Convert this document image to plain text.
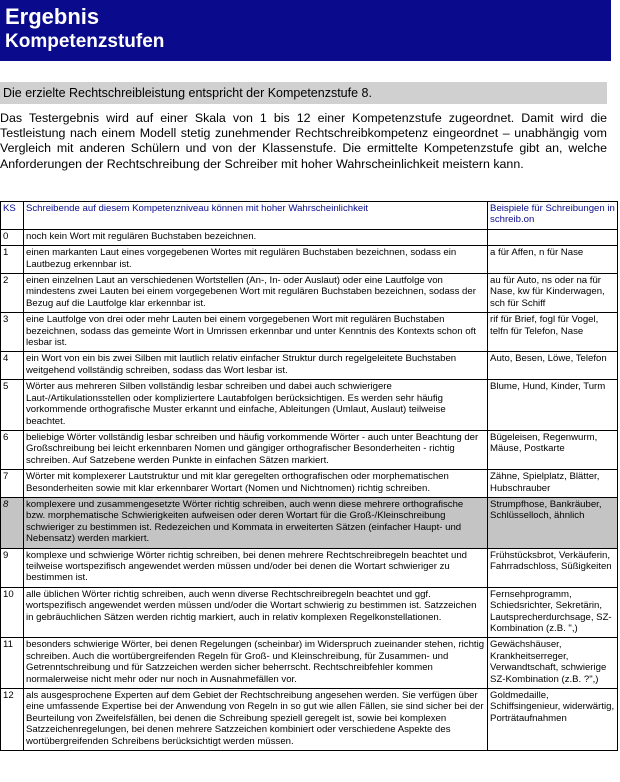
Ergebnis
Kompetenzstufen
Die erzielte Rechtschreibleistung entspricht der Kompetenzstufe 8.

Das Testergebnis wird auf einer Skala von 1 bis 12 einer Kompetenzstufe zugeordnet. Damit wird die Testleistung nach einem Modell stetig zunehmender Rechtschreibkompetenz eingeordnet – unabhängig vom Vergleich mit anderen Schülern und von der Klassenstufe. Die ermittelte Kompetenzstufe gibt an, welche Anforderungen der Rechtschreibung der Schreiber mit hoher Wahrscheinlichkeit meistern kann.

KS	Schreibende auf diesem Kompetenzniveau können mit hoher Wahrscheinlichkeit	Beispiele für Schreibungen in schreib.on
0	noch kein Wort mit regulären Buchstaben bezeichnen.	
1	einen markanten Laut eines vorgegebenen Wortes mit regulären Buchstaben bezeichnen, sodass ein Lautbezug erkennbar ist.	a für Affen, n für Nase
2	einen einzelnen Laut an verschiedenen Wortstellen (An-, In- oder Auslaut) oder eine Lautfolge von mindestens zwei Lauten bei einem vorgegebenen Wort mit regulären Buchstaben bezeichnen, sodass der Bezug auf die Lautfolge klar erkennbar ist.	au für Auto, ns oder na für Nase, kw für Kinderwagen, sch für Schiff
3	eine Lautfolge von drei oder mehr Lauten bei einem vorgegebenen Wort mit regulären Buchstaben bezeichnen, sodass das gemeinte Wort in Umrissen erkennbar und unter Kenntnis des Kontexts schon oft lesbar ist.	rif für Brief, fogl für Vogel, telfn für Telefon, Nase
4	ein Wort von ein bis zwei Silben mit lautlich relativ einfacher Struktur durch regelgeleitete Buchstaben weitgehend vollständig schreiben, sodass das Wort lesbar ist.	Auto, Besen, Löwe, Telefon
5	Wörter aus mehreren Silben vollständig lesbar schreiben und dabei auch schwierigere Laut-/Artikulationsstellen oder kompliziertere Lautabfolgen berücksichtigen. Es werden sehr häufig vorkommende orthografische Muster erkannt und einfache, Ableitungen (Umlaut, Auslaut) teilweise beachtet.	Blume, Hund, Kinder, Turm
6	beliebige Wörter vollständig lesbar schreiben und häufig vorkommende Wörter - auch unter Beachtung der Großschreibung bei leicht erkennbaren Nomen und gängiger orthografischer Besonderheiten - richtig schreiben. Auf Satzebene werden Punkte in einfachen Sätzen markiert.	Bügeleisen, Regenwurm, Mäuse, Postkarte
7	Wörter mit komplexerer Lautstruktur und mit klar geregelten orthografischen oder morphematischen Besonderheiten sowie mit klar erkennbarer Wortart (Nomen und Nichtnomen) richtig schreiben.	Zähne, Spielplatz, Blätter, Hubschrauber
8	komplexere und zusammengesetzte Wörter richtig schreiben, auch wenn diese mehrere orthografische bzw. morphematische Schwierigkeiten aufweisen oder deren Wortart für die Groß-/Kleinschreibung schwieriger zu bestimmen ist. Redezeichen und Kommata in erweiterten Sätzen (einfacher Haupt- und Nebensatz) werden markiert.	Strumpfhose, Bankräuber, Schlüsselloch, ähnlich
9	komplexe und schwierige Wörter richtig schreiben, bei denen mehrere Rechtschreibregeln beachtet und teilweise wortspezifisch angewendet werden müssen und/oder bei denen die Wortart schwieriger zu bestimmen ist.	Frühstücksbrot, Verkäuferin, Fahrradschloss, Süßigkeiten
10	alle üblichen Wörter richtig schreiben, auch wenn diverse Rechtschreibregeln beachtet und ggf. wortspezifisch angewendet werden müssen und/oder die Wortart schwierig zu bestimmen ist. Satzzeichen in gebräuchlichen Sätzen werden richtig markiert, auch in relativ komplexen Regelkonstellationen.	Fernsehprogramm, Schiedsrichter, Sekretärin, Lautsprecherdurchsage, SZ-Kombination (z.B. ",)
11	besonders schwierige Wörter, bei denen Regelungen (scheinbar) im Widerspruch zueinander stehen, richtig schreiben. Auch die wortübergreifenden Regeln für Groß- und Kleinschreibung, für Zusammen- und Getrenntschreibung und für Satzzeichen werden sicher beherrscht. Rechtschreibfehler kommen normalerweise nicht mehr oder nur noch in Ausnahmefällen vor.	Gewächshäuser, Krankheitserreger, Verwandtschaft, schwierige SZ-Kombination (z.B. ?",)
12	als ausgesprochene Experten auf dem Gebiet der Rechtschreibung angesehen werden. Sie verfügen über eine umfassende Expertise bei der Anwendung von Regeln in so gut wie allen Fällen, sie sind sicher bei der Beurteilung von Zweifelsfällen, bei denen die Schreibung speziell geregelt ist, sowie bei komplexen Satzzeichenregelungen, bei denen mehrere Satzzeichen kombiniert oder verschiedene Aspekte des wortübergreifenden Schreibens berücksichtigt werden müssen.	Goldmedaille, Schiffsingenieur, widerwärtig, Porträtaufnahmen
